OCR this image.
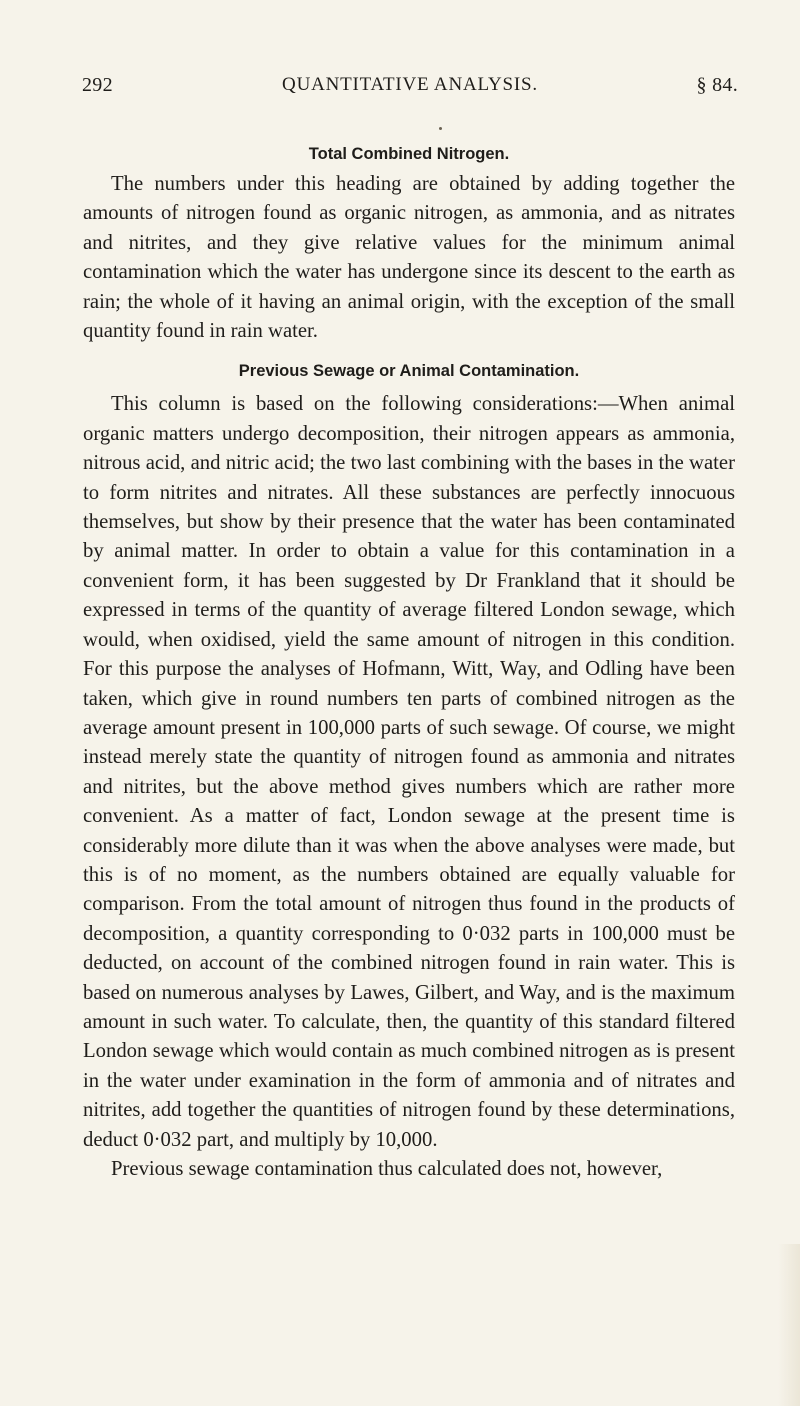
292	QUANTITATIVE ANALYSIS.	§ 84.
Total Combined Nitrogen.

The numbers under this heading are obtained by adding together the amounts of nitrogen found as organic nitrogen, as ammonia, and as nitrates and nitrites, and they give relative values for the minimum animal contamination which the water has undergone since its descent to the earth as rain; the whole of it having an animal origin, with the exception of the small quantity found in rain water.

Previous Sewage or Animal Contamination.

This column is based on the following considerations:—When animal organic matters undergo decomposition, their nitrogen appears as ammonia, nitrous acid, and nitric acid; the two last combining with the bases in the water to form nitrites and nitrates. All these substances are perfectly innocuous themselves, but show by their presence that the water has been contaminated by animal matter. In order to obtain a value for this contamination in a convenient form, it has been suggested by Dr Frankland that it should be expressed in terms of the quantity of average filtered London sewage, which would, when oxidised, yield the same amount of nitrogen in this condition. For this purpose the analyses of Hofmann, Witt, Way, and Odling have been taken, which give in round numbers ten parts of combined nitrogen as the average amount present in 100,000 parts of such sewage. Of course, we might instead merely state the quantity of nitrogen found as ammonia and nitrates and nitrites, but the above method gives numbers which are rather more convenient. As a matter of fact, London sewage at the present time is considerably more dilute than it was when the above analyses were made, but this is of no moment, as the numbers obtained are equally valuable for comparison. From the total amount of nitrogen thus found in the products of decomposition, a quantity corresponding to 0·032 parts in 100,000 must be deducted, on account of the combined nitrogen found in rain water. This is based on numerous analyses by Lawes, Gilbert, and Way, and is the maximum amount in such water. To calculate, then, the quantity of this standard filtered London sewage which would contain as much combined nitrogen as is present in the water under examination in the form of ammonia and of nitrates and nitrites, add together the quantities of nitrogen found by these determinations, deduct 0·032 part, and multiply by 10,000.

Previous sewage contamination thus calculated does not, however,
